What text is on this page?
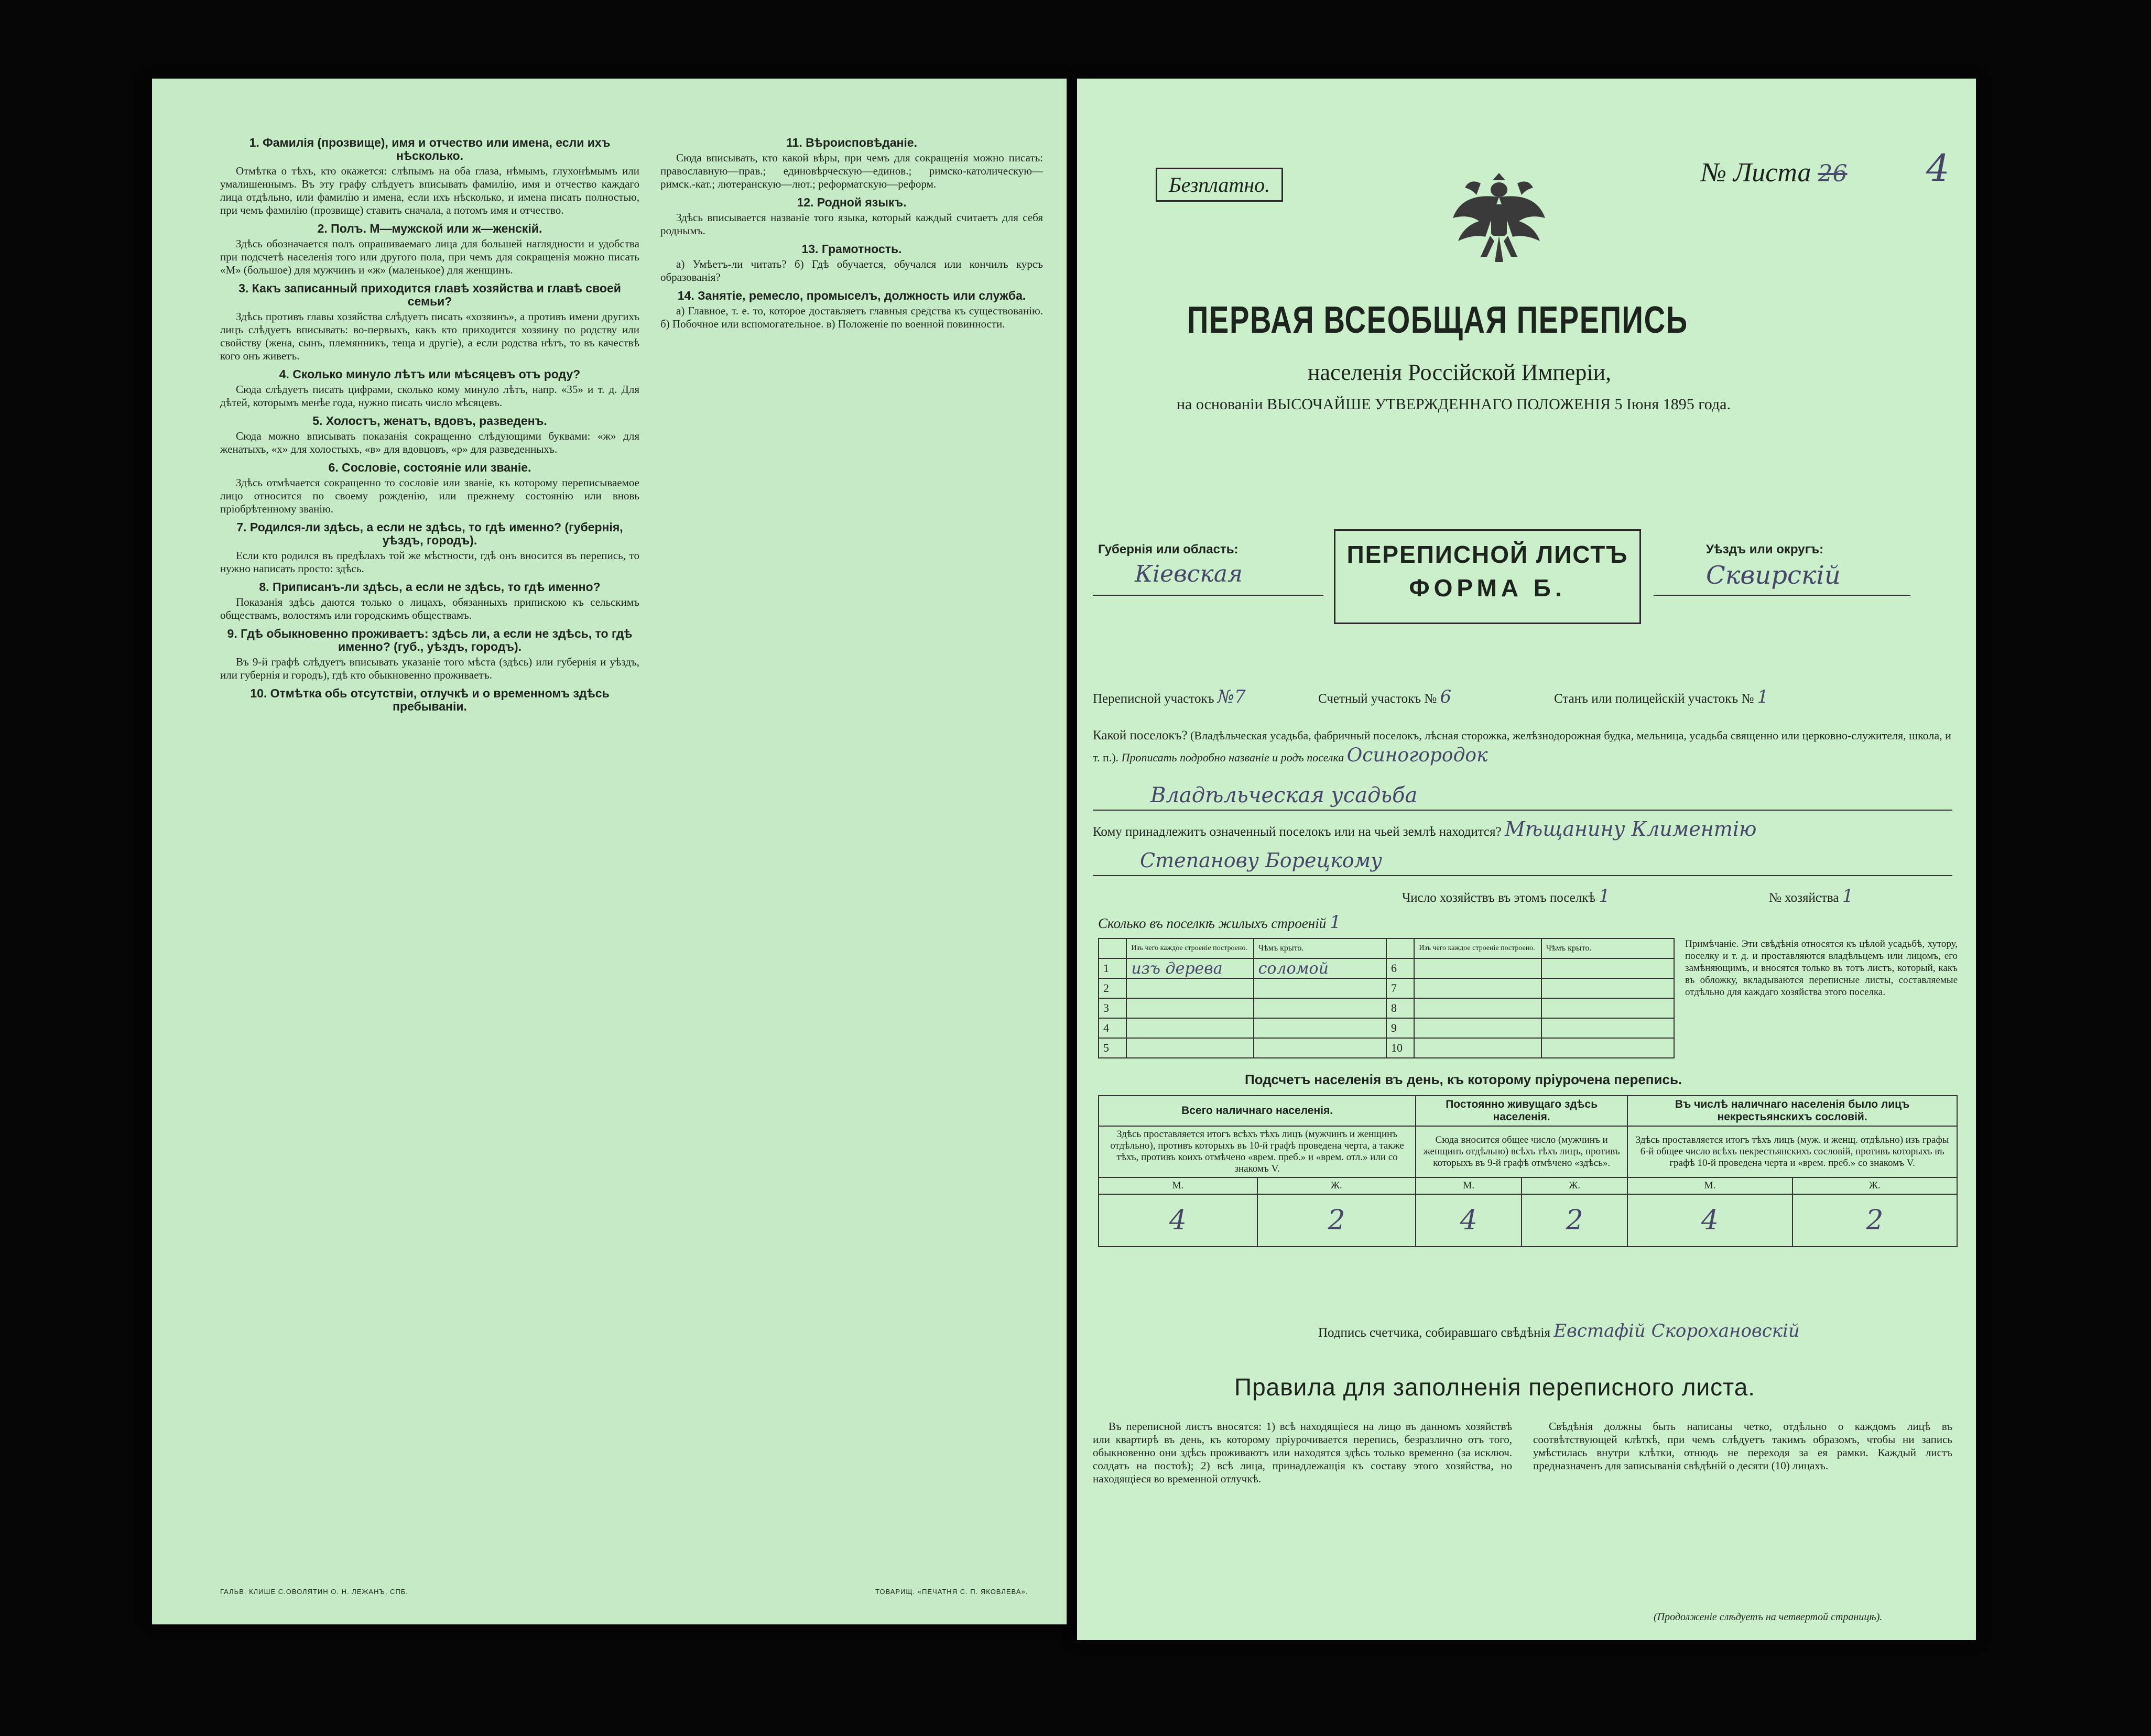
1. Фамилія (прозвище), имя и отчество или имена, если ихъ нѣсколько.

Отмѣтка о тѣхъ, кто окажется: слѣпымъ на оба глаза, нѣмымъ, глухонѣмымъ или умалишеннымъ. Въ эту графу слѣдуетъ вписывать фамилію, имя и отчество каждаго лица отдѣльно, или фамилію и имена, если ихъ нѣсколько, и имена писать полностью, при чемъ фамилію (прозвище) ставить сначала, а потомъ имя и отчество.

2. Полъ. М—мужской или ж—женскій.

Здѣсь обозначается полъ опрашиваемаго лица для большей наглядности и удобства при подсчетѣ населенія того или другого пола, при чемъ для сокращенія можно писать «М» (большое) для мужчинъ и «ж» (маленькое) для женщинъ.

3. Какъ записанный приходится главѣ хозяйства и главѣ своей семьи?

Здѣсь противъ главы хозяйства слѣдуетъ писать «хозяинъ», а противъ имени другихъ лицъ слѣдуетъ вписывать: во-первыхъ, какъ кто приходится хозяину по родству или свойству (жена, сынъ, племянникъ, теща и другіе), а если родства нѣтъ, то въ качествѣ кого онъ живетъ.

4. Сколько минуло лѣтъ или мѣсяцевъ отъ роду?

Сюда слѣдуетъ писать цифрами, сколько кому минуло лѣтъ, напр. «35» и т. д. Для дѣтей, которымъ менѣе года, нужно писать число мѣсяцевъ.

5. Холостъ, женатъ, вдовъ, разведенъ.

Сюда можно вписывать показанія сокращенно слѣдующими буквами: «ж» для женатыхъ, «х» для холостыхъ, «в» для вдовцовъ, «р» для разведенныхъ.

6. Сословіе, состояніе или званіе.

Здѣсь отмѣчается сокращенно то сословіе или званіе, къ которому переписываемое лицо относится по своему рожденію, или прежнему состоянію или вновь пріобрѣтенному званію.

7. Родился-ли здѣсь, а если не здѣсь, то гдѣ именно? (губернія, уѣздъ, городъ).

Если кто родился въ предѣлахъ той же мѣстности, гдѣ онъ вносится въ перепись, то нужно написать просто: здѣсь.

8. Приписанъ-ли здѣсь, а если не здѣсь, то гдѣ именно?

Показанія здѣсь даются только о лицахъ, обязанныхъ припискою къ сельскимъ обществамъ, волостямъ или городскимъ обществамъ.

9. Гдѣ обыкновенно проживаетъ: здѣсь ли, а если не здѣсь, то гдѣ именно? (губ., уѣздъ, городъ).

Въ 9-й графѣ слѣдуетъ вписывать указаніе того мѣста (здѣсь) или губернія и уѣздъ, или губернія и городъ), гдѣ кто обыкновенно проживаетъ.

10. Отмѣтка обь отсутствіи, отлучкѣ и о временномъ здѣсь пребываніи.

11. Вѣроисповѣданіе.

Сюда вписывать, кто какой вѣры, при чемъ для сокращенія можно писать: православную—прав.; единовѣрческую—единов.; римско-католическую—римск.-кат.; лютеранскую—лют.; реформатскую—реформ.

12. Родной языкъ.

Здѣсь вписывается названіе того языка, который каждый считаетъ для себя роднымъ.

13. Грамотность.

а) Умѣетъ-ли читать? б) Гдѣ обучается, обучался или кончилъ курсъ образованія?

14. Занятіе, ремесло, промыселъ, должность или служба.

а) Главное, т. е. то, которое доставляетъ главныя средства къ существованію. б) Побочное или вспомогательное. в) Положеніе по военной повинности.

ГАЛЬВ. КЛИШЕ С.ОВОЛЯТИН О. Н. ЛЕЖАНЪ, СПБ.	ТОВАРИЩ. «ПЕЧАТНЯ С. П. ЯКОВЛЕВА».
Безплатно.	№ Листа 26 4
ПЕРВАЯ ВСЕОБЩАЯ ПЕРЕПИСЬ
населенія Россійской Имперіи,
на основаніи ВЫСОЧАЙШЕ УТВЕРЖДЕННАГО ПОЛОЖЕНІЯ 5 Іюня 1895 года.
Губернія или область:
Кіевская
ПЕРЕПИСНОЙ ЛИСТЪ
ФОРМА Б.
Уѣздъ или округъ:
Сквирскій
Переписной участокъ №7	Счетный участокъ № 6	Станъ или полицейскій участокъ № 1
Какой поселокъ? (Владѣльческая усадьба, фабричный поселокъ, лѣсная сторожка, желѣзнодорожная будка, мельница, усадьба священно или церковно-служителя, школа, и т. п.). Прописать подробно названіе и родъ поселка Осиногородок
Владѣльческая усадьба
Кому принадлежитъ означенный поселокъ или на чьей землѣ находится? Мѣщанину Климентію
Степанову Борецкому
Число хозяйствъ въ этомъ поселкѣ 1	№ хозяйства 1
Сколько въ поселкѣ жилыхъ строеній 1
	Изъ чего каждое строеніе построено.	Чѣмъ крыто.		Изъ чего каждое строеніе построено.	Чѣмъ крыто.
1	изъ дерева	соломой	6		
2			7		
3			8		
4			9		
5			10		
Примѣчаніе. Эти свѣдѣнія относятся къ цѣлой усадьбѣ, хутору, поселку и т. д. и проставляются владѣльцемъ или лицомъ, его замѣняющимъ, и вносятся только въ тотъ листъ, который, какъ въ обложку, вкладываются переписные листы, составляемые отдѣльно для каждаго хозяйства этого поселка.
Подсчетъ населенія въ день, къ которому пріурочена перепись.
Всего наличнаго населенія.		Постоянно живущаго здѣсь населенія.		Въ числѣ наличнаго населенія было лицъ некрестьянскихъ сословій.	
Здѣсь проставляется итогъ всѣхъ тѣхъ лицъ (мужчинъ и женщинъ отдѣльно), противъ которыхъ въ 10-й графѣ проведена черта, а также тѣхъ, противъ коихъ отмѣчено «врем. преб.» и «врем. отл.» или со знакомъ V.		Сюда вносится общее число (мужчинъ и женщинъ отдѣльно) всѣхъ тѣхъ лицъ, противъ которыхъ въ 9-й графѣ отмѣчено «здѣсь».		Здѣсь проставляется итогъ тѣхъ лицъ (муж. и женщ. отдѣльно) изъ графы 6-й общее число всѣхъ некрестьянскихъ сословій, противъ которыхъ въ графѣ 10-й проведена черта и «врем. преб.» со знакомъ V.	
М.	Ж.	М.	Ж.	М.	Ж.
4	2	4	2	4	2
Подпись счетчика, собиравшаго свѣдѣнія Евстафій Скорохановскій
Правила для заполненія переписного листа.

Въ переписной листъ вносятся: 1) всѣ находящіеся на лицо въ данномъ хозяйствѣ или квартирѣ въ день, къ которому пріурочивается перепись, безразлично отъ того, обыкновенно они здѣсь проживаютъ или находятся здѣсь только временно (за исключ. солдатъ на постоѣ); 2) всѣ лица, принадлежащія къ составу этого хозяйства, но находящіеся во временной отлучкѣ.

Свѣдѣнія должны быть написаны четко, отдѣльно о каждомъ лицѣ въ соотвѣтствующей клѣткѣ, при чемъ слѣдуетъ такимъ образомъ, чтобы ни запись умѣстилась внутри клѣтки, отнюдь не переходя за ея рамки. Каждый листъ предназначенъ для записыванія свѣдѣній о десяти (10) лицахъ.

(Продолженіе слѣдуетъ на четвертой страницѣ).
